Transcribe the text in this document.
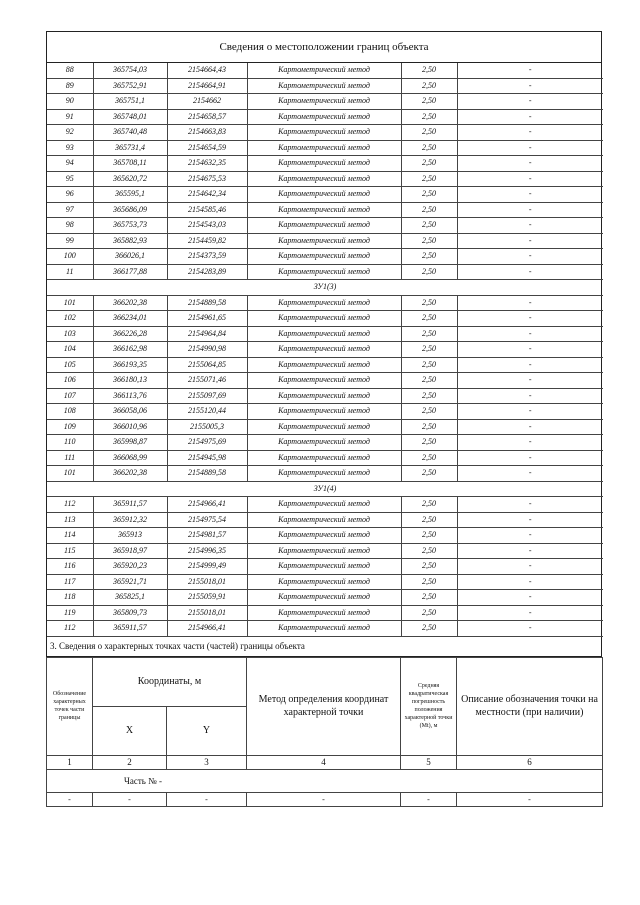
Сведения о местоположении границ объекта
88	365754,03	2154664,43	Картометрический метод	2,50	-
89	365752,91	2154664,91	Картометрический метод	2,50	-
90	365751,1	2154662	Картометрический метод	2,50	-
91	365748,01	2154658,57	Картометрический метод	2,50	-
92	365740,48	2154663,83	Картометрический метод	2,50	-
93	365731,4	2154654,59	Картометрический метод	2,50	-
94	365708,11	2154632,35	Картометрический метод	2,50	-
95	365620,72	2154675,53	Картометрический метод	2,50	-
96	365595,1	2154642,34	Картометрический метод	2,50	-
97	365686,09	2154585,46	Картометрический метод	2,50	-
98	365753,73	2154543,03	Картометрический метод	2,50	-
99	365882,93	2154459,82	Картометрический метод	2,50	-
100	366026,1	2154373,59	Картометрический метод	2,50	-
11	366177,88	2154283,89	Картометрический метод	2,50	-
ЗУ1(3)					
101	366202,38	2154889,58	Картометрический метод	2,50	-
102	366234,01	2154961,65	Картометрический метод	2,50	-
103	366226,28	2154964,84	Картометрический метод	2,50	-
104	366162,98	2154990,98	Картометрический метод	2,50	-
105	366193,35	2155064,85	Картометрический метод	2,50	-
106	366180,13	2155071,46	Картометрический метод	2,50	-
107	366113,76	2155097,69	Картометрический метод	2,50	-
108	366058,06	2155120,44	Картометрический метод	2,50	-
109	366010,96	2155005,3	Картометрический метод	2,50	-
110	365998,87	2154975,69	Картометрический метод	2,50	-
111	366068,99	2154945,98	Картометрический метод	2,50	-
101	366202,38	2154889,58	Картометрический метод	2,50	-
ЗУ1(4)					
112	365911,57	2154966,41	Картометрический метод	2,50	-
113	365912,32	2154975,54	Картометрический метод	2,50	-
114	365913	2154981,57	Картометрический метод	2,50	-
115	365918,97	2154996,35	Картометрический метод	2,50	-
116	365920,23	2154999,49	Картометрический метод	2,50	-
117	365921,71	2155018,01	Картометрический метод	2,50	-
118	365825,1	2155059,91	Картометрический метод	2,50	-
119	365809,73	2155018,01	Картометрический метод	2,50	-
112	365911,57	2154966,41	Картометрический метод	2,50	-
3. Сведения о характерных точках части (частей) границы объекта
Обозначение характерных точек части границы	Координаты, м		Метод определения координат характерной точки	Средняя квадратическая погрешность положения характерной точки (Mt), м	Описание обозначения точки на местности (при наличии)
	X	Y			
1	2	3	4	5	6
Часть № -					
-	-	-	-	-	-
